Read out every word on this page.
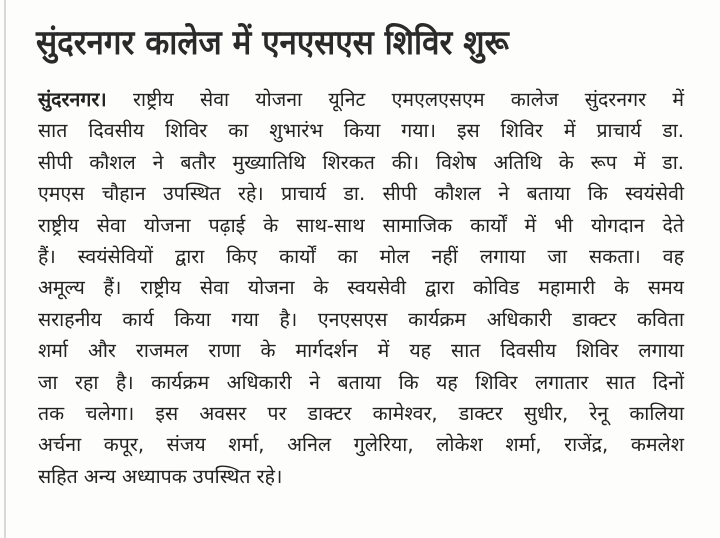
सुंदरनगर कालेज में एनएसएस शिविर शुरू
सुंदरनगर। राष्ट्रीय सेवा योजना यूनिट एमएलएसएम कालेज सुंदरनगर में
सात दिवसीय शिविर का शुभारंभ किया गया। इस शिविर में प्राचार्य डा.
सीपी कौशल ने बतौर मुख्यातिथि शिरकत की। विशेष अतिथि के रूप में डा.
एमएस चौहान उपस्थित रहे। प्राचार्य डा. सीपी कौशल ने बताया कि स्वयंसेवी
राष्ट्रीय सेवा योजना पढ़ाई के साथ-साथ सामाजिक कार्यों में भी योगदान देते
हैं। स्वयंसेवियों द्वारा किए कार्यों का मोल नहीं लगाया जा सकता। वह
अमूल्य हैं। राष्ट्रीय सेवा योजना के स्वयसेवी द्वारा कोविड महामारी के समय
सराहनीय कार्य किया गया है। एनएसएस कार्यक्रम अधिकारी डाक्टर कविता
शर्मा और राजमल राणा के मार्गदर्शन में यह सात दिवसीय शिविर लगाया
जा रहा है। कार्यक्रम अधिकारी ने बताया कि यह शिविर लगातार सात दिनों
तक चलेगा। इस अवसर पर डाक्टर कामेश्वर, डाक्टर सुधीर, रेनू कालिया
अर्चना कपूर, संजय शर्मा, अनिल गुलेरिया, लोकेश शर्मा, राजेंद्र, कमलेश
सहित अन्य अध्यापक उपस्थित रहे।
